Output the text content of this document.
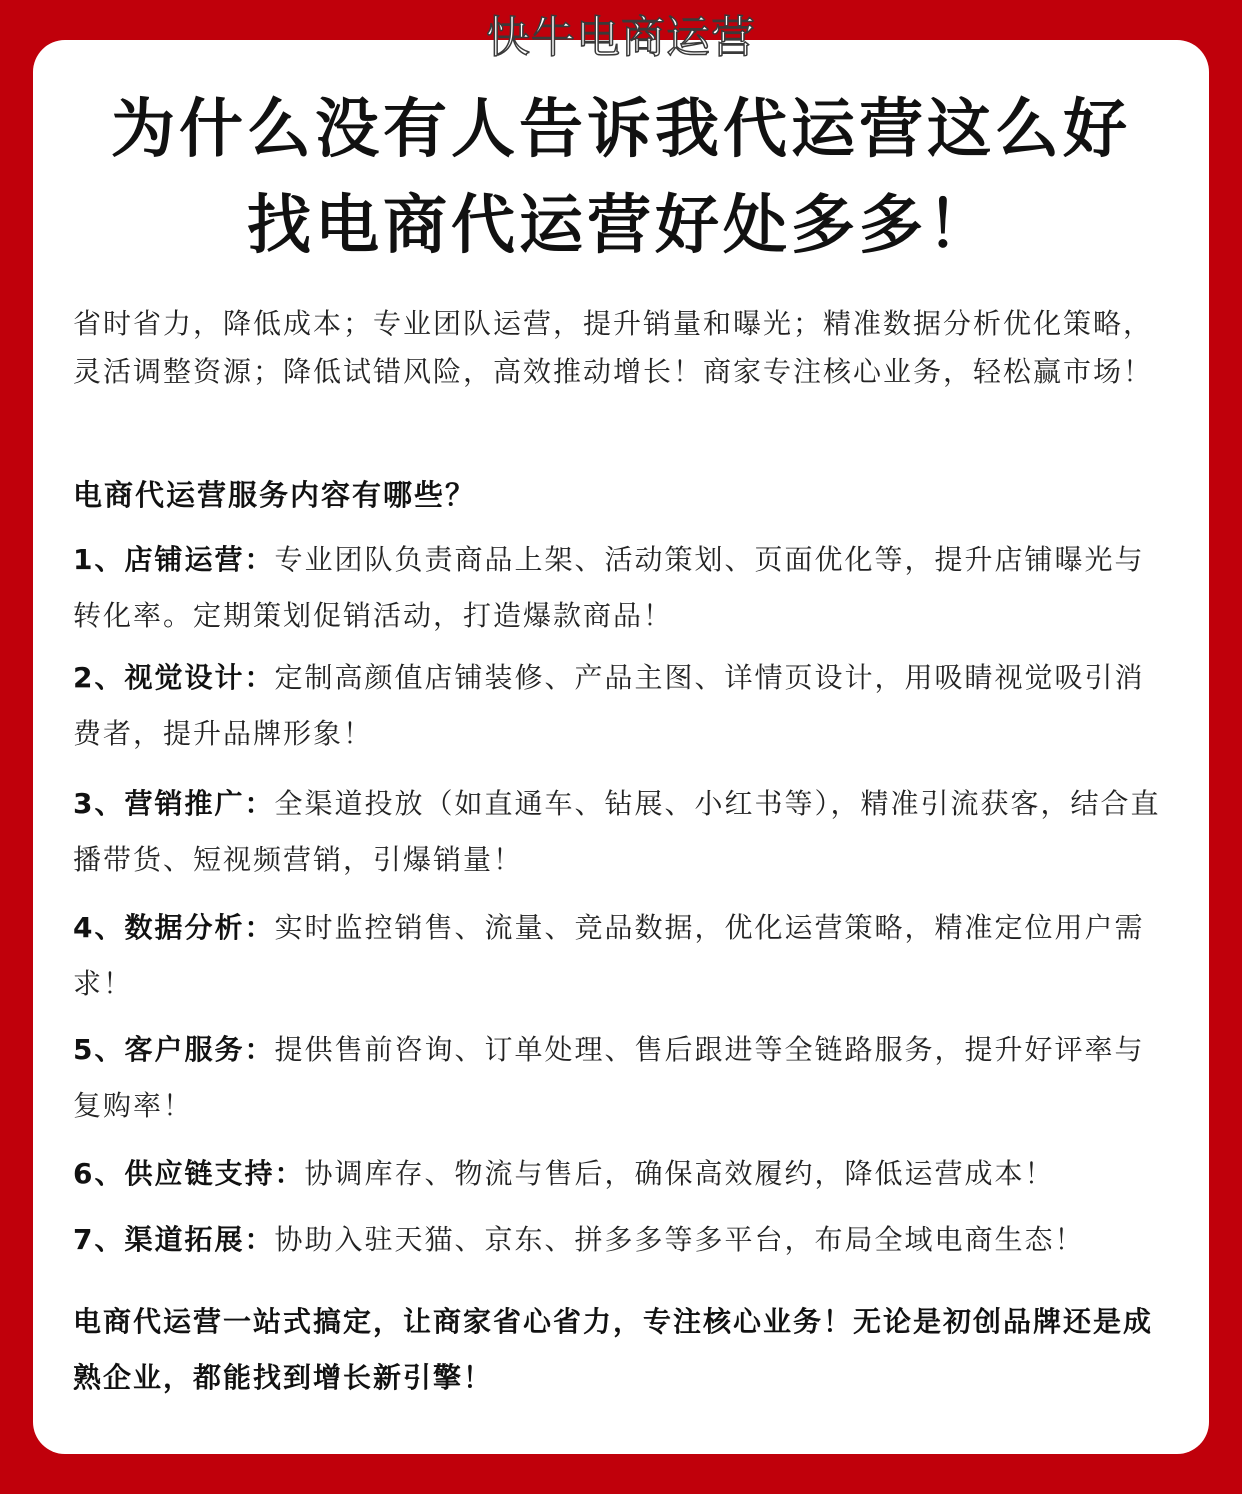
快牛电商运营
为什么没有人告诉我代运营这么好
找电商代运营好处多多！

省时省力，降低成本；专业团队运营，提升销量和曝光；精准数据分析优化策略，灵活调整资源；降低试错风险，高效推动增长！商家专注核心业务，轻松赢市场！

电商代运营服务内容有哪些？

1、店铺运营：专业团队负责商品上架、活动策划、页面优化等，提升店铺曝光与转化率。定期策划促销活动，打造爆款商品！

2、视觉设计：定制高颜值店铺装修、产品主图、详情页设计，用吸睛视觉吸引消费者，提升品牌形象！

3、营销推广：全渠道投放（如直通车、钻展、小红书等），精准引流获客，结合直播带货、短视频营销，引爆销量！

4、数据分析：实时监控销售、流量、竞品数据，优化运营策略，精准定位用户需求！

5、客户服务：提供售前咨询、订单处理、售后跟进等全链路服务，提升好评率与复购率！

6、供应链支持：协调库存、物流与售后，确保高效履约，降低运营成本！

7、渠道拓展：协助入驻天猫、京东、拼多多等多平台，布局全域电商生态！

电商代运营一站式搞定，让商家省心省力，专注核心业务！无论是初创品牌还是成熟企业，都能找到增长新引擎！
